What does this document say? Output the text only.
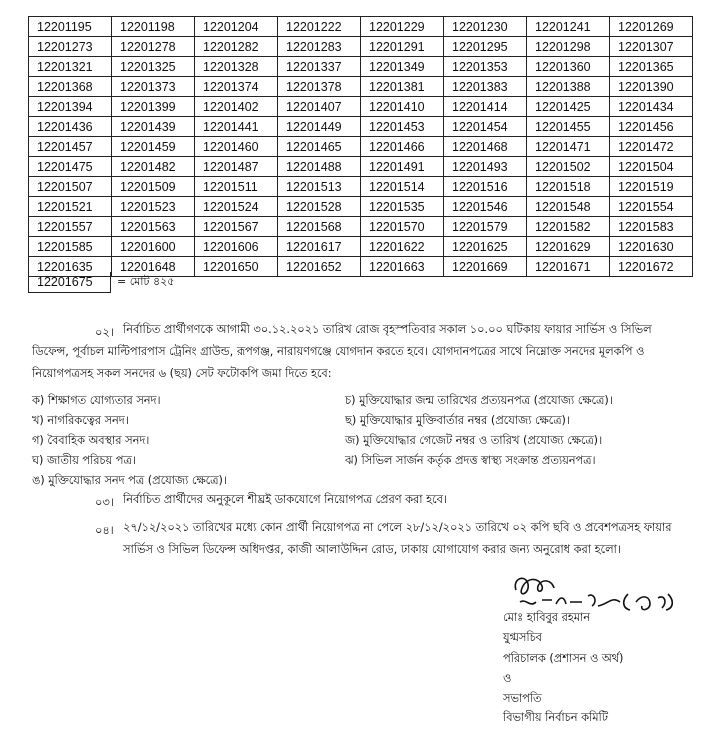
12201195	12201198	12201204	12201222	12201229	12201230	12201241	12201269
12201273	12201278	12201282	12201283	12201291	12201295	12201298	12201307
12201321	12201325	12201328	12201337	12201349	12201353	12201360	12201365
12201368	12201373	12201374	12201378	12201381	12201383	12201388	12201390
12201394	12201399	12201402	12201407	12201410	12201414	12201425	12201434
12201436	12201439	12201441	12201449	12201453	12201454	12201455	12201456
12201457	12201459	12201460	12201465	12201466	12201468	12201471	12201472
12201475	12201482	12201487	12201488	12201491	12201493	12201502	12201504
12201507	12201509	12201511	12201513	12201514	12201516	12201518	12201519
12201521	12201523	12201524	12201528	12201535	12201546	12201548	12201554
12201557	12201563	12201567	12201568	12201570	12201579	12201582	12201583
12201585	12201600	12201606	12201617	12201622	12201625	12201629	12201630
12201635	12201648	12201650	12201652	12201663	12201669	12201671	12201672
12201675	= মোট ৪২৫
০২। নির্বাচিত প্রার্থীগণকে আগামী ৩০.১২.২০২১ তারিখ রোজ বৃহস্পতিবার সকাল ১০.০০ ঘটিকায় ফায়ার সার্ভিস ও সিভিল
ডিফেন্স, পূর্বাচল মাল্টিপারপাস ট্রেনিং গ্রাউন্ড, রূপগঞ্জ, নারায়ণগঞ্জে যোগদান করতে হবে। যোগদানপত্রের সাথে নিম্নোক্ত সনদের মূলকপি ও
নিয়োগপত্রসহ সকল সনদের ৬ (ছয়) সেট ফটোকপি জমা দিতে হবে:
ক) শিক্ষাগত যোগ্যতার সনদ।
খ) নাগরিকত্বের সনদ।
গ) বৈবাহিক অবস্থার সনদ।
ঘ) জাতীয় পরিচয় পত্র।
ঙ) মুক্তিযোদ্ধার সনদ পত্র (প্রযোজ্য ক্ষেত্রে)।
চ) মুক্তিযোদ্ধার জন্ম তারিখের প্রত্যয়নপত্র (প্রযোজ্য ক্ষেত্রে)।
ছ) মুক্তিযোদ্ধার মুক্তিবার্তার নম্বর (প্রযোজ্য ক্ষেত্রে)।
জ) মুক্তিযোদ্ধার গেজেট নম্বর ও তারিখ (প্রযোজ্য ক্ষেত্রে)।
ঝ) সিভিল সার্জন কর্তৃক প্রদত্ত স্বাস্থ্য সংক্রান্ত প্রত্যয়নপত্র।
০৩। নির্বাচিত প্রার্থীদের অনুকূলে শীঘ্রই ডাকযোগে নিয়োগপত্র প্রেরণ করা হবে।
০৪। ২৭/১২/২০২১ তারিখের মধ্যে কোন প্রার্থী নিয়োগপত্র না পেলে ২৮/১২/২০২১ তারিখে ০২ কপি ছবি ও প্রবেশপত্রসহ ফায়ার
সার্ভিস ও সিভিল ডিফেন্স অধিদপ্তর, কাজী আলাউদ্দিন রোড, ঢাকায় যোগাযোগ করার জন্য অনুরোধ করা হলো।
মোঃ হাবিবুর রহমান
যুগ্মসচিব
পরিচালক (প্রশাসন ও অর্থ)
ও
সভাপতি
বিভাগীয় নির্বাচন কমিটি
